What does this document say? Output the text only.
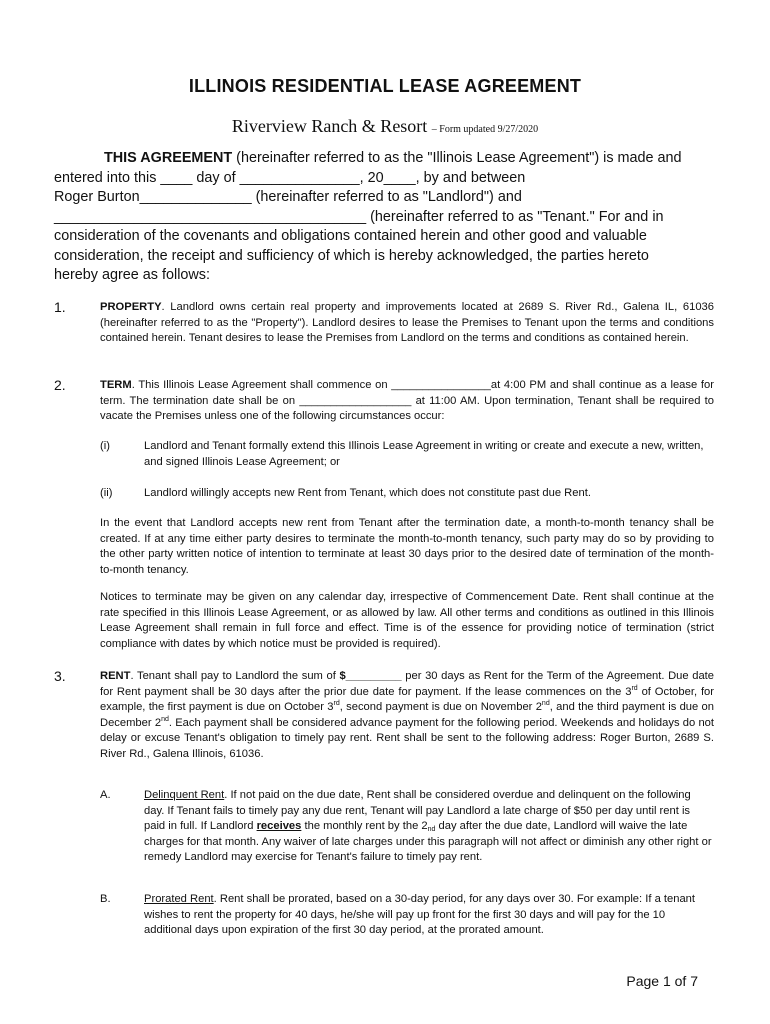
ILLINOIS RESIDENTIAL LEASE AGREEMENT
Riverview Ranch & Resort – Form updated 9/27/2020
THIS AGREEMENT (hereinafter referred to as the "Illinois Lease Agreement") is made and
entered into this ____ day of _______________, 20____, by and between
Roger Burton______________ (hereinafter referred to as "Landlord") and
_______________________________________ (hereinafter referred to as "Tenant." For and in
consideration of the covenants and obligations contained herein and other good and valuable
consideration, the receipt and sufficiency of which is hereby acknowledged, the parties hereto
hereby agree as follows:
1.	PROPERTY. Landlord owns certain real property and improvements located at 2689 S. River Rd., Galena IL, 61036 (hereinafter referred to as the "Property"). Landlord desires to lease the Premises to Tenant upon the terms and conditions contained herein. Tenant desires to lease the Premises from Landlord on the terms and conditions as contained herein.
2.	TERM. This Illinois Lease Agreement shall commence on ________________at 4:00 PM and shall continue as a lease for term. The termination date shall be on __________________ at 11:00 AM. Upon termination, Tenant shall be required to vacate the Premises unless one of the following circumstances occur:
(i)	Landlord and Tenant formally extend this Illinois Lease Agreement in writing or create and execute a new, written, and signed Illinois Lease Agreement; or
(ii)	Landlord willingly accepts new Rent from Tenant, which does not constitute past due Rent.
In the event that Landlord accepts new rent from Tenant after the termination date, a month-to-month tenancy shall be created. If at any time either party desires to terminate the month-to-month tenancy, such party may do so by providing to the other party written notice of intention to terminate at least 30 days prior to the desired date of termination of the month-to-month tenancy.
Notices to terminate may be given on any calendar day, irrespective of Commencement Date. Rent shall continue at the rate specified in this Illinois Lease Agreement, or as allowed by law. All other terms and conditions as outlined in this Illinois Lease Agreement shall remain in full force and effect. Time is of the essence for providing notice of termination (strict compliance with dates by which notice must be provided is required).
3.	RENT. Tenant shall pay to Landlord the sum of $_________ per 30 days as Rent for the Term of the Agreement. Due date for Rent payment shall be 30 days after the prior due date for payment. If the lease commences on the 3rd of October, for example, the first payment is due on October 3rd, second payment is due on November 2nd, and the third payment is due on December 2nd. Each payment shall be considered advance payment for the following period. Weekends and holidays do not delay or excuse Tenant's obligation to timely pay rent. Rent shall be sent to the following address: Roger Burton, 2689 S. River Rd., Galena Illinois, 61036.
A.	Delinquent Rent. If not paid on the due date, Rent shall be considered overdue and delinquent on the following day. If Tenant fails to timely pay any due rent, Tenant will pay Landlord a late charge of $50 per day until rent is paid in full. If Landlord receives the monthly rent by the $2_{nd}$ day after the due date, Landlord will waive the late charges for that month. Any waiver of late charges under this paragraph will not affect or diminish any other right or remedy Landlord may exercise for Tenant's failure to timely pay rent.
B.	Prorated Rent. Rent shall be prorated, based on a 30-day period, for any days over 30. For example: If a tenant wishes to rent the property for 40 days, he/she will pay up front for the first 30 days and will pay for the 10 additional days upon expiration of the first 30 day period, at the prorated amount.
Page 1 of 7
